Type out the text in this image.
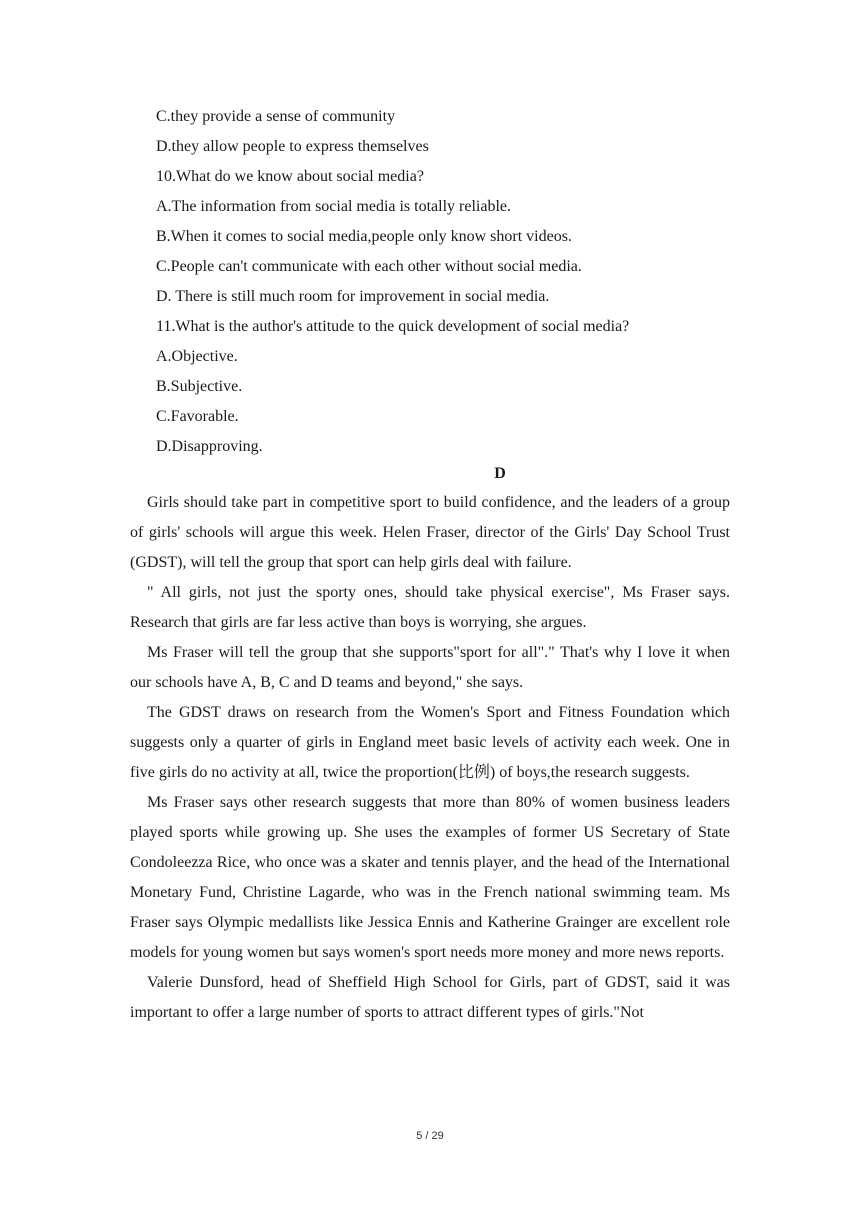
C.they provide a sense of community
D.they allow people to express themselves
10.What do we know about social media?
A.The information from social media is totally reliable.
B.When it comes to social media,people only know short videos.
C.People can't communicate with each other without social media.
D. There is still much room for improvement in social media.
11.What is the author's attitude to the quick development of social media?
A.Objective.
B.Subjective.
C.Favorable.
D.Disapproving.
D

Girls should take part in competitive sport to build confidence, and the leaders of a group of girls' schools will argue this week. Helen Fraser, director of the Girls' Day School Trust (GDST), will tell the group that sport can help girls deal with failure.

" All girls, not just the sporty ones, should take physical exercise", Ms Fraser says. Research that girls are far less active than boys is worrying, she argues.

Ms Fraser will tell the group that she supports"sport for all"." That's why I love it when our schools have A, B, C and D teams and beyond," she says.

The GDST draws on research from the Women's Sport and Fitness Foundation which suggests only a quarter of girls in England meet basic levels of activity each week. One in five girls do no activity at all, twice the proportion(比例) of boys,the research suggests.

Ms Fraser says other research suggests that more than 80% of women business leaders played sports while growing up. She uses the examples of former US Secretary of State Condoleezza Rice, who once was a skater and tennis player, and the head of the International Monetary Fund, Christine Lagarde, who was in the French national swimming team. Ms Fraser says Olympic medallists like Jessica Ennis and Katherine Grainger are excellent role models for young women but says women's sport needs more money and more news reports.

Valerie Dunsford, head of Sheffield High School for Girls, part of GDST, said it was important to offer a large number of sports to attract different types of girls."Not

5 / 29
